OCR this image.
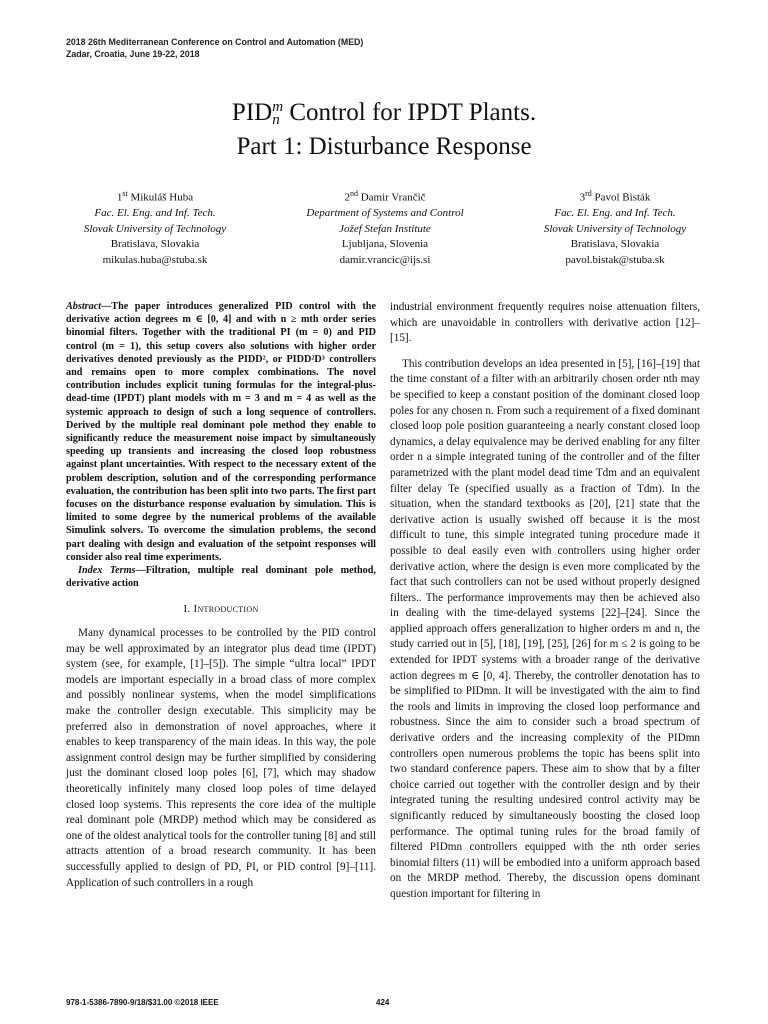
2018 26th Mediterranean Conference on Control and Automation (MED)
Zadar, Croatia, June 19-22, 2018
PID m
n Control for IPDT Plants.
Part 1: Disturbance Response
1st Mikuláš Huba
Fac. El. Eng. and Inf. Tech.
Slovak University of Technology
Bratislava, Slovakia
mikulas.huba@stuba.sk
2nd Damir Vrančič
Department of Systems and Control
Jožef Stefan Institute
Ljubljana, Slovenia
damir.vrancic@ijs.si
3rd Pavol Bisták
Fac. El. Eng. and Inf. Tech.
Slovak University of Technology
Bratislava, Slovakia
pavol.bistak@stuba.sk
Abstract—The paper introduces generalized PID control with the derivative action degrees m ∈ [0, 4] and with n ≥ mth order series binomial filters. Together with the traditional PI (m = 0) and PID control (m = 1), this setup covers also solutions with higher order derivatives denoted previously as the PIDD², or PIDD²D³ controllers and remains open to more complex combinations. The novel contribution includes explicit tuning formulas for the integral-plus-dead-time (IPDT) plant models with m = 3 and m = 4 as well as the systemic approach to design of such a long sequence of controllers. Derived by the multiple real dominant pole method they enable to significantly reduce the measurement noise impact by simultaneously speeding up transients and increasing the closed loop robustness against plant uncertainties. With respect to the necessary extent of the problem description, solution and of the corresponding performance evaluation, the contribution has been split into two parts. The first part focuses on the disturbance response evaluation by simulation. This is limited to some degree by the numerical problems of the available Simulink solvers. To overcome the simulation problems, the second part dealing with design and evaluation of the setpoint responses will consider also real time experiments.
Index Terms—Filtration, multiple real dominant pole method, derivative action
I. Introduction

Many dynamical processes to be controlled by the PID control may be well approximated by an integrator plus dead time (IPDT) system (see, for example, [1]–[5]). The simple “ultra local” IPDT models are important especially in a broad class of more complex and possibly nonlinear systems, when the model simplifications make the controller design executable. This simplicity may be preferred also in demonstration of novel approaches, where it enables to keep transparency of the main ideas. In this way, the pole assignment control design may be further simplified by considering just the dominant closed loop poles [6], [7], which may shadow theoretically infinitely many closed loop poles of time delayed closed loop systems. This represents the core idea of the multiple real dominant pole (MRDP) method which may be considered as one of the oldest analytical tools for the controller tuning [8] and still attracts attention of a broad research community. It has been successfully applied to design of PD, PI, or PID control [9]–[11]. Application of such controllers in a rough

industrial environment frequently requires noise attenuation filters, which are unavoidable in controllers with derivative action [12]–[15].

This contribution develops an idea presented in [5], [16]–[19] that the time constant of a filter with an arbitrarily chosen order nth may be specified to keep a constant position of the dominant closed loop poles for any chosen n. From such a requirement of a fixed dominant closed loop pole position guaranteeing a nearly constant closed loop dynamics, a delay equivalence may be derived enabling for any filter order n a simple integrated tuning of the controller and of the filter parametrized with the plant model dead time Tdm and an equivalent filter delay Te (specified usually as a fraction of Tdm). In the situation, when the standard textbooks as [20], [21] state that the derivative action is usually swished off because it is the most difficult to tune, this simple integrated tuning procedure made it possible to deal easily even with controllers using higher order derivative action, where the design is even more complicated by the fact that such controllers can not be used without properly designed filters.. The performance improvements may then be achieved also in dealing with the time-delayed systems [22]–[24]. Since the applied approach offers generalization to higher orders m and n, the study carried out in [5], [18], [19], [25], [26] for m ≤ 2 is going to be extended for IPDT systems with a broader range of the derivative action degrees m ∈ [0, 4]. Thereby, the controller denotation has to be simplified to PIDmn. It will be investigated with the aim to find the rools and limits in improving the closed loop performance and robustness. Since the aim to consider such a broad spectrum of derivative orders and the increasing complexity of the PIDmn controllers open numerous problems the topic has beens split into two standard conference papers. These aim to show that by a filter choice carried out together with the controller design and by their integrated tuning the resulting undesired control activity may be significantly reduced by simultaneously boosting the closed loop performance. The optimal tuning rules for the broad family of filtered PIDmn controllers equipped with the nth order series binomial filters (11) will be embodied into a uniform approach based on the MRDP method. Thereby, the discussion opens dominant question important for filtering in

978-1-5386-7890-9/18/$31.00 ©2018 IEEE	424
